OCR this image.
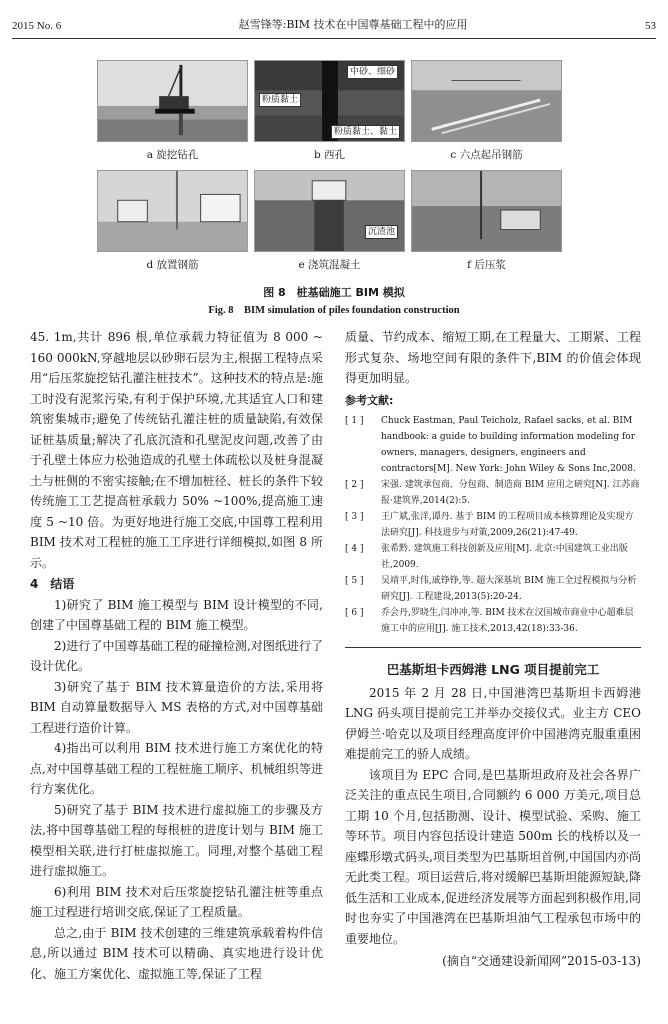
2015 No. 6	赵雪锋等:BIM 技术在中国尊基础工程中的应用	53
a 旋挖钻孔
中砂、细砂
粉质黏土
粉质黏土、黏土
b 西孔	c 六点起吊钢筋
d 放置钢筋
沉渣池
e 浇筑混凝土	f 后压浆
图 8　桩基础施工 BIM 模拟
Fig. 8　BIM simulation of piles foundation construction

45. 1m,共计 896 根,单位承载力特征值为 8 000 ~ 160 000kN,穿越地层以砂卵石层为主,根据工程特点采用“后压浆旋挖钻孔灌注桩技术”。这种技术的特点是:施工时没有泥浆污染,有利于保护环境,尤其适宜人口和建筑密集城市;避免了传统钻孔灌注桩的质量缺陷,有效保证桩基质量;解决了孔底沉渣和孔壁泥皮问题,改善了由于孔壁土体应力松弛造成的孔壁土体疏松以及桩身混凝土与桩侧的不密实接触;在不增加桩径、桩长的条件下较传统施工工艺提高桩承载力 50% ~100%,提高施工速度 5 ~10 倍。为更好地进行施工交底,中国尊工程利用 BIM 技术对工程桩的施工工序进行详细模拟,如图 8 所示。

4 结语

1)研究了 BIM 施工模型与 BIM 设计模型的不同,创建了中国尊基础工程的 BIM 施工模型。

2)进行了中国尊基础工程的碰撞检测,对图纸进行了设计优化。

3)研究了基于 BIM 技术算量造价的方法,采用将 BIM 自动算量数据导入 MS 表格的方式,对中国尊基础工程进行造价计算。

4)指出可以利用 BIM 技术进行施工方案优化的特点,对中国尊基础工程的工程桩施工顺序、机械组织等进行方案优化。

5)研究了基于 BIM 技术进行虚拟施工的步骤及方法,将中国尊基础工程的每根桩的进度计划与 BIM 施工模型相关联,进行打桩虚拟施工。同理,对整个基础工程进行虚拟施工。

6)利用 BIM 技术对后压浆旋挖钻孔灌注桩等重点施工过程进行培训交底,保证了工程质量。

总之,由于 BIM 技术创建的三维建筑承载着构件信息,所以通过 BIM 技术可以精确、真实地进行设计优化、施工方案优化、虚拟施工等,保证了工程

质量、节约成本、缩短工期,在工程量大、工期紧、工程形式复杂、场地空间有限的条件下,BIM 的价值会体现得更加明显。

参考文献:
[ 1 ]	Chuck Eastman, Paul Teicholz, Rafael sacks, et al. BIM handbook: a guide to building information modeling for owners, managers, designers, engineers and contractors[M]. New York: John Wiley & Sons Inc,2008.
[ 2 ]	宋强. 建筑承包商、分包商、制造商 BIM 应用之研究[N]. 江苏商报·建筑界,2014(2):5.
[ 3 ]	王广斌,张洋,谭丹. 基于 BIM 的工程项目成本核算理论及实现方法研究[J]. 科技进步与对策,2009,26(21):47-49.
[ 4 ]	张希黔. 建筑施工科技创新及应用[M]. 北京:中国建筑工业出版社,2009.
[ 5 ]	吴靖平,时伟,戚铮铮,等. 超大深基坑 BIM 施工全过程模拟与分析研究[J]. 工程建设,2013(5):20-24.
[ 6 ]	乔会丹,罗晓生,闫冲冲,等. BIM 技术在汉国城市商业中心超难层施工中的应用[J]. 施工技术,2013,42(18):33-36.
巴基斯坦卡西姆港 LNG 项目提前完工

2015 年 2 月 28 日,中国港湾巴基斯坦卡西姆港 LNG 码头项目提前完工并举办交接仪式。业主方 CEO 伊姆兰·哈克以及项目经理高度评价中国港湾克服重重困难提前完工的骄人成绩。

该项目为 EPC 合同,是巴基斯坦政府及社会各界广泛关注的重点民生项目,合同额约 6 000 万美元,项目总工期 10 个月,包括勘测、设计、模型试验、采购、施工等环节。项目内容包括设计建造 500m 长的栈桥以及一座蝶形墩式码头,项目类型为巴基斯坦首例,中国国内亦尚无此类工程。项目运营后,将对缓解巴基斯坦能源短缺,降低生活和工业成本,促进经济发展等方面起到积极作用,同时也夯实了中国港湾在巴基斯坦油气工程承包市场中的重要地位。

(摘自“交通建设新闻网”2015-03-13)
